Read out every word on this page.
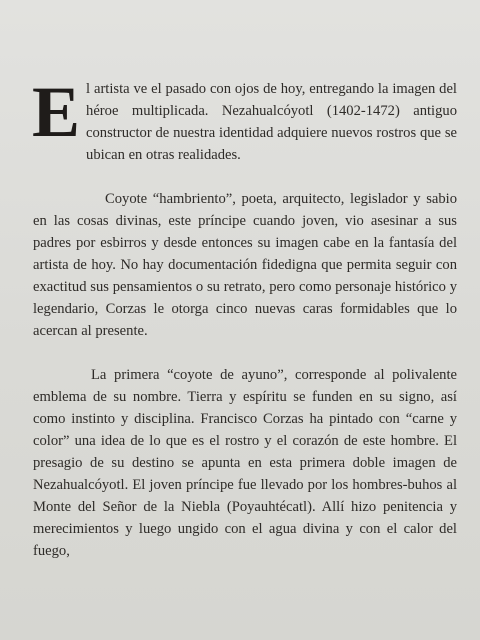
El artista ve el pasado con ojos de hoy, entregando la imagen del héroe multiplicada. Nezahualcóyotl (1402-1472) antiguo constructor de nuestra identidad adquiere nuevos rostros que se ubican en otras realidades.

Coyote “hambriento”, poeta, arquitecto, legislador y sabio en las cosas divinas, este príncipe cuando joven, vio asesinar a sus padres por esbirros y desde entonces su imagen cabe en la fantasía del artista de hoy. No hay documentación fidedigna que permita seguir con exactitud sus pensamientos o su retrato, pero como personaje histórico y legendario, Corzas le otorga cinco nuevas caras formidables que lo acercan al presente.

La primera “coyote de ayuno”, corresponde al polivalente emblema de su nombre. Tierra y espíritu se funden en su signo, así como instinto y disciplina. Francisco Corzas ha pintado con “carne y color” una idea de lo que es el rostro y el corazón de este hombre. El presagio de su destino se apunta en esta primera doble imagen de Nezahualcóyotl. El joven príncipe fue llevado por los hombres-buhos al Monte del Señor de la Niebla (Poyauhtécatl). Allí hizo penitencia y merecimientos y luego ungido con el agua divina y con el calor del fuego,
